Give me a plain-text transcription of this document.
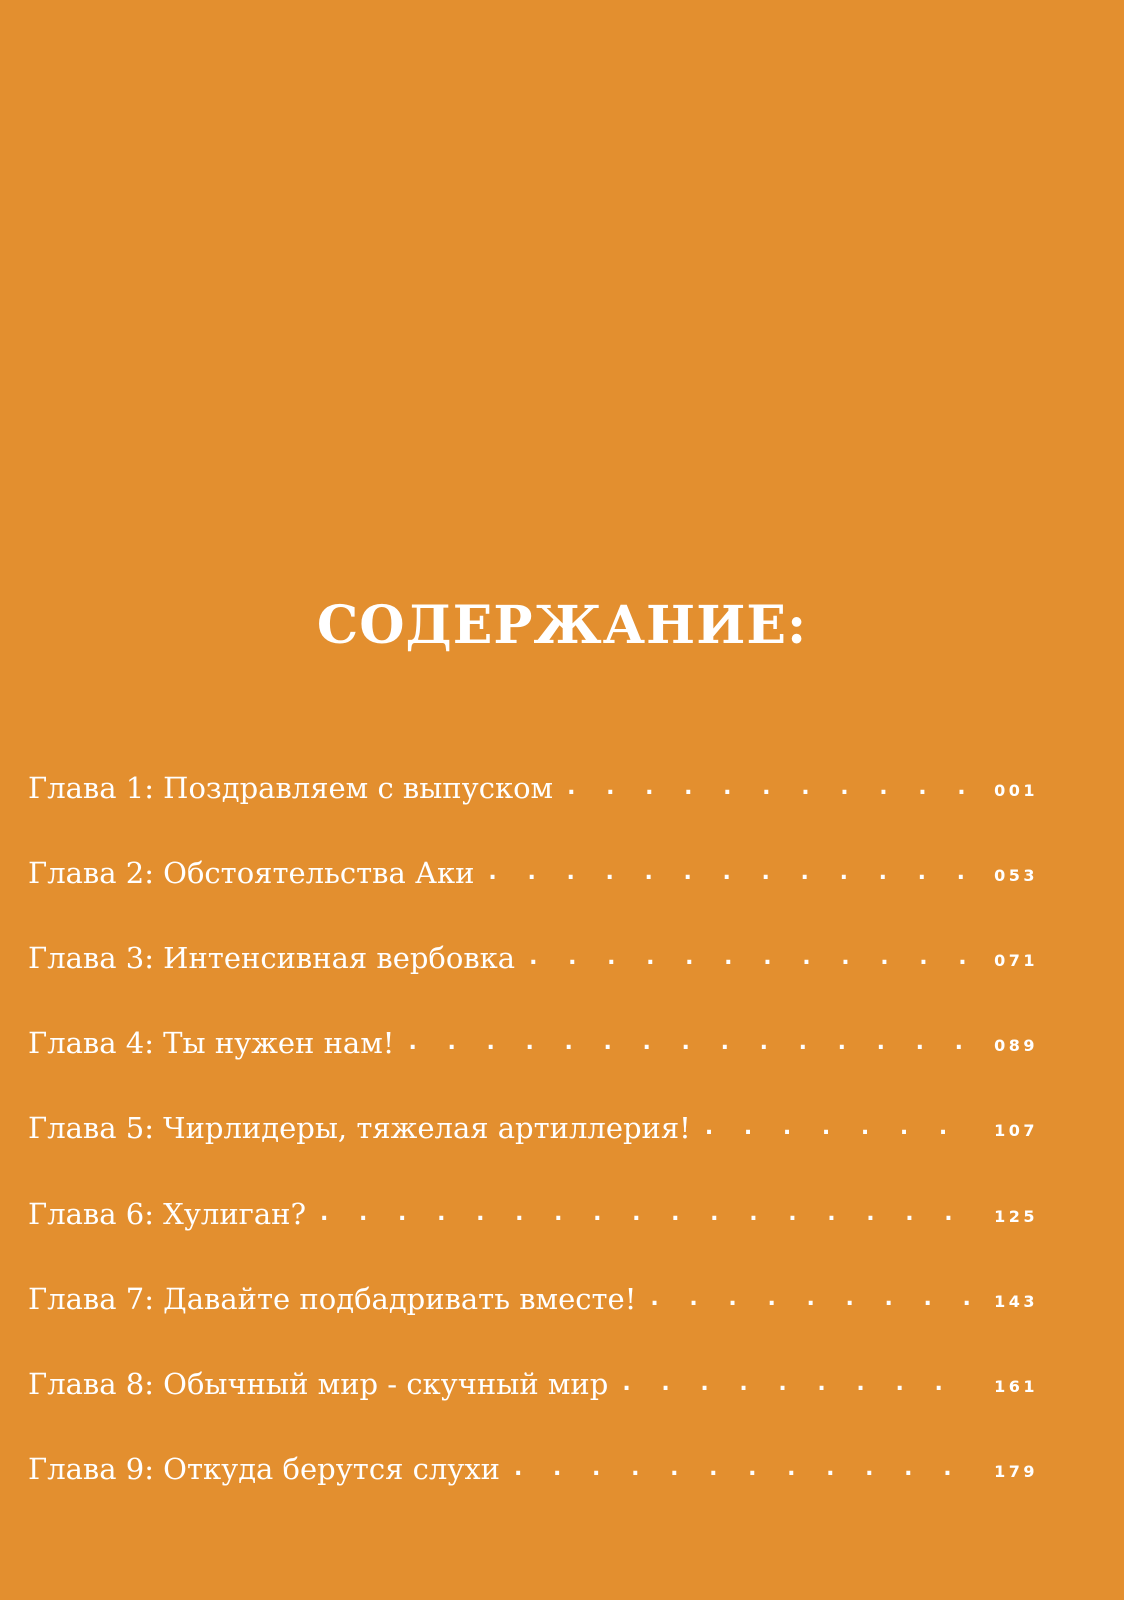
СОДЕРЖАНИЕ:
Глава 1: Поздравляем с выпуском . . .	001
Глава 2: Обстоятельства Аки . . .	053
Глава 3: Интенсивная вербовка . . .	071
Глава 4: Ты нужен нам! . . .	089
Глава 5: Чирлидеры, тяжелая артиллерия! . . .	107
Глава 6: Хулиган? . . .	125
Глава 7: Давайте подбадривать вместе! . . .	143
Глава 8: Обычный мир - скучный мир . . .	161
Глава 9: Откуда берутся слухи . . .	179
